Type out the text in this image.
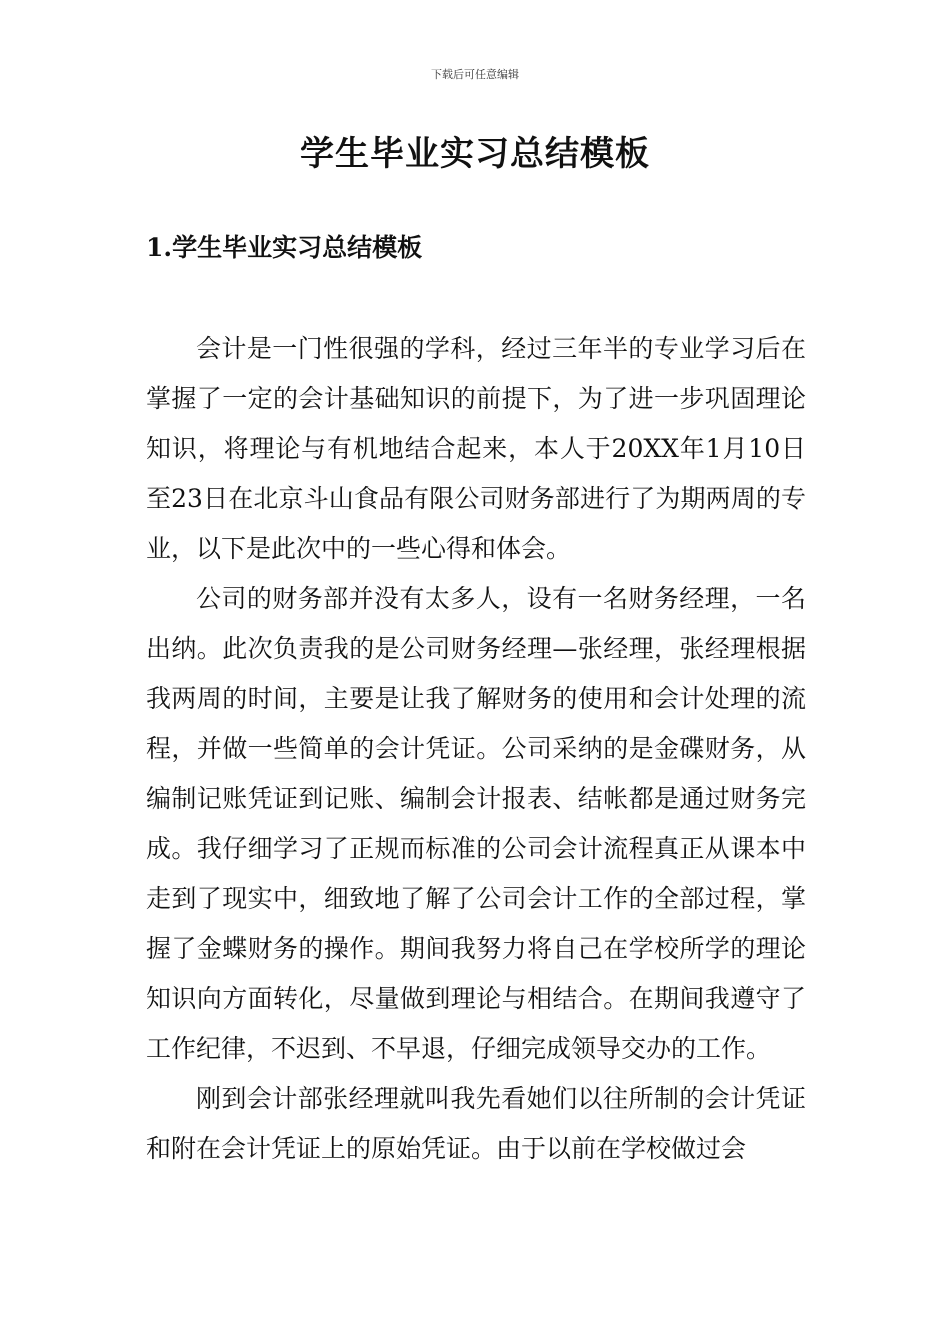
下载后可任意编辑
学生毕业实习总结模板
1.学生毕业实习总结模板

会计是一门性很强的学科，经过三年半的专业学习后在掌握了一定的会计基础知识的前提下，为了进一步巩固理论知识，将理论与有机地结合起来，本人于20XX年1月10日至23日在北京斗山食品有限公司财务部进行了为期两周的专业，以下是此次中的一些心得和体会。

公司的财务部并没有太多人，设有一名财务经理，一名出纳。此次负责我的是公司财务经理—张经理，张经理根据我两周的时间，主要是让我了解财务的使用和会计处理的流程，并做一些简单的会计凭证。公司采纳的是金碟财务，从编制记账凭证到记账、编制会计报表、结帐都是通过财务完成。我仔细学习了正规而标准的公司会计流程真正从课本中走到了现实中，细致地了解了公司会计工作的全部过程，掌握了金蝶财务的操作。期间我努力将自己在学校所学的理论知识向方面转化，尽量做到理论与相结合。在期间我遵守了工作纪律，不迟到、不早退，仔细完成领导交办的工作。

刚到会计部张经理就叫我先看她们以往所制的会计凭证和附在会计凭证上的原始凭证。由于以前在学校做过会
